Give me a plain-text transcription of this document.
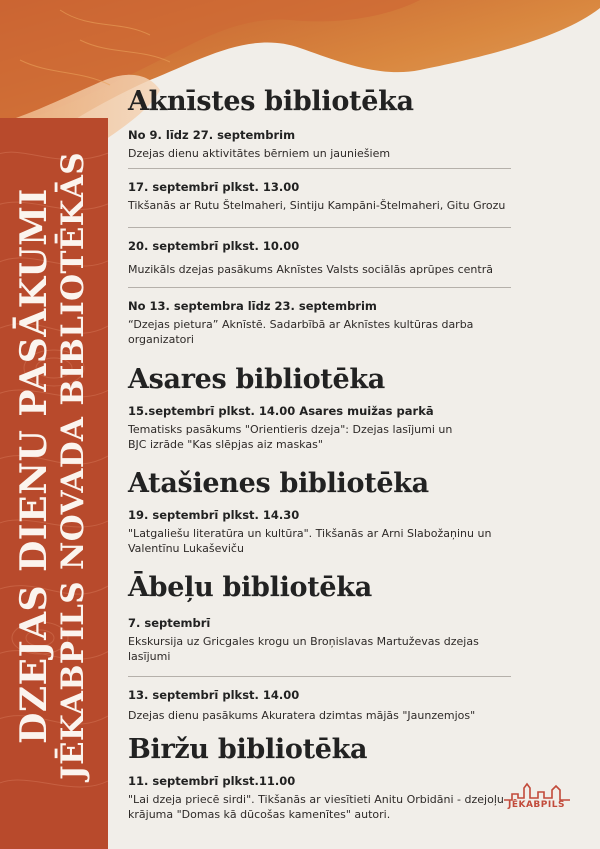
DZEJAS DIENU PASĀKUMI JĒKABPILS NOVADA BIBLIOTĒKĀS
Aknīstes bibliotēka
No 9. līdz 27. septembrim
Dzejas dienu aktivitātes bērniem un jauniešiem
17. septembrī plkst. 13.00
Tikšanās ar Rutu Štelmaheri, Sintiju Kampāni-Štelmaheri, Gitu Grozu
20. septembrī plkst. 10.00
Muzikāls dzejas pasākums Aknīstes Valsts sociālās aprūpes centrā
No 13. septembra līdz 23. septembrim
“Dzejas pietura” Aknīstē. Sadarbībā ar Aknīstes kultūras darba organizatori
Asares bibliotēka
15.septembrī plkst. 14.00 Asares muižas parkā
Tematisks pasākums "Orientieris dzeja": Dzejas lasījumi un BJC izrāde "Kas slēpjas aiz maskas"
Atašienes bibliotēka
19. septembrī plkst. 14.30
"Latgaliešu literatūra un kultūra". Tikšanās ar Arni Slabožaņinu un Valentīnu Lukaševiču
Ābeļu bibliotēka
7. septembrī
Ekskursija uz Gricgales krogu un Broņislavas Martuževas dzejas lasījumi
13. septembrī plkst. 14.00
Dzejas dienu pasākums Akuratera dzimtas mājās "Jaunzemjos"
Biržu bibliotēka
11. septembrī plkst.11.00
"Lai dzeja priecē sirdi". Tikšanās ar viesītieti Anitu Orbidāni - dzejoļu krājuma "Domas kā dūcošas kamenītes" autori.
JĒKABPILS
